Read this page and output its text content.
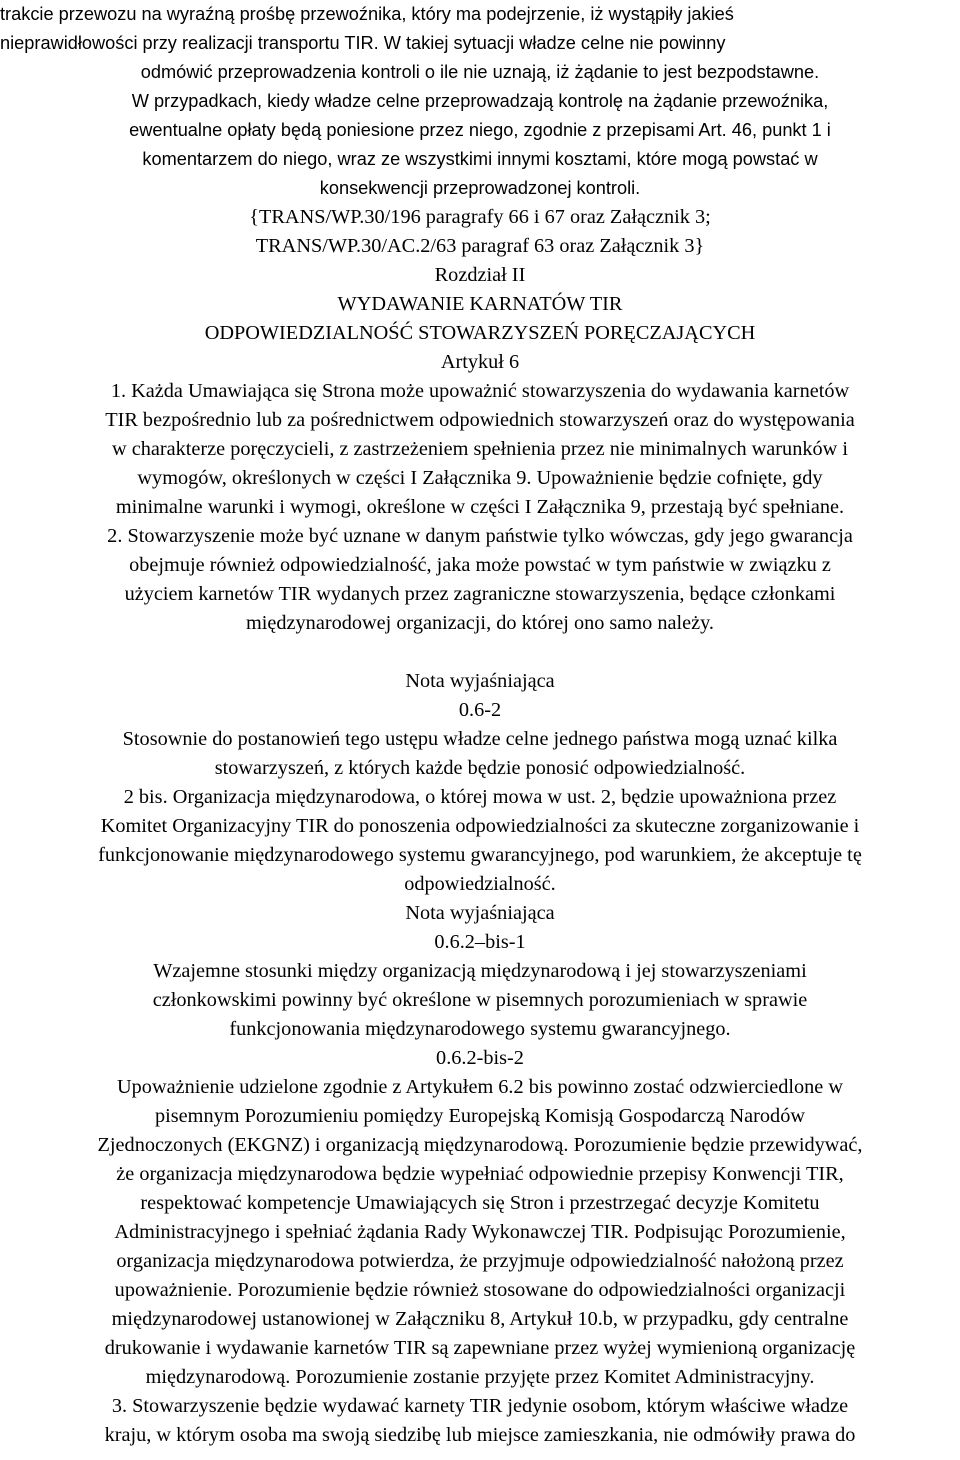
trakcie przewozu na wyraźną prośbę przewoźnika, który ma podejrzenie, iż wystąpiły jakieś
nieprawidłowości przy realizacji transportu TIR. W takiej sytuacji władze celne nie powinny
odmówić przeprowadzenia kontroli o ile nie uznają, iż żądanie to jest bezpodstawne.
W przypadkach, kiedy władze celne przeprowadzają kontrolę na żądanie przewoźnika,
ewentualne opłaty będą poniesione przez niego, zgodnie z przepisami Art. 46, punkt 1 i
komentarzem do niego, wraz ze wszystkimi innymi kosztami, które mogą powstać w
konsekwencji przeprowadzonej kontroli.
{TRANS/WP.30/196 paragrafy 66 i 67 oraz Załącznik 3;
TRANS/WP.30/AC.2/63 paragraf 63 oraz Załącznik 3}
Rozdział II
WYDAWANIE KARNATÓW TIR
ODPOWIEDZIALNOŚĆ STOWARZYSZEŃ PORĘCZAJĄCYCH
Artykuł 6
1. Każda Umawiająca się Strona może upoważnić stowarzyszenia do wydawania karnetów
TIR bezpośrednio lub za pośrednictwem odpowiednich stowarzyszeń oraz do występowania
w charakterze poręczycieli, z zastrzeżeniem spełnienia przez nie minimalnych warunków i
wymogów, określonych w części I Załącznika 9. Upoważnienie będzie cofnięte, gdy
minimalne warunki i wymogi, określone w części I Załącznika 9, przestają być spełniane.
2. Stowarzyszenie może być uznane w danym państwie tylko wówczas, gdy jego gwarancja
obejmuje również odpowiedzialność, jaka może powstać w tym państwie w związku z
użyciem karnetów TIR wydanych przez zagraniczne stowarzyszenia, będące członkami
międzynarodowej organizacji, do której ono samo należy.
Nota wyjaśniająca
0.6-2
Stosownie do postanowień tego ustępu władze celne jednego państwa mogą uznać kilka
stowarzyszeń, z których każde będzie ponosić odpowiedzialność.
2 bis. Organizacja międzynarodowa, o której mowa w ust. 2, będzie upoważniona przez
Komitet Organizacyjny TIR do ponoszenia odpowiedzialności za skuteczne zorganizowanie i
funkcjonowanie międzynarodowego systemu gwarancyjnego, pod warunkiem, że akceptuje tę
odpowiedzialność.
Nota wyjaśniająca
0.6.2–bis-1
Wzajemne stosunki między organizacją międzynarodową i jej stowarzyszeniami
członkowskimi powinny być określone w pisemnych porozumieniach w sprawie
funkcjonowania międzynarodowego systemu gwarancyjnego.
0.6.2-bis-2
Upoważnienie udzielone zgodnie z Artykułem 6.2 bis powinno zostać odzwierciedlone w
pisemnym Porozumieniu pomiędzy Europejską Komisją Gospodarczą Narodów
Zjednoczonych (EKGNZ) i organizacją międzynarodową. Porozumienie będzie przewidywać,
że organizacja międzynarodowa będzie wypełniać odpowiednie przepisy Konwencji TIR,
respektować kompetencje Umawiających się Stron i przestrzegać decyzje Komitetu
Administracyjnego i spełniać żądania Rady Wykonawczej TIR. Podpisując Porozumienie,
organizacja międzynarodowa potwierdza, że przyjmuje odpowiedzialność nałożoną przez
upoważnienie. Porozumienie będzie również stosowane do odpowiedzialności organizacji
międzynarodowej ustanowionej w Załączniku 8, Artykuł 10.b, w przypadku, gdy centralne
drukowanie i wydawanie karnetów TIR są zapewniane przez wyżej wymienioną organizację
międzynarodową. Porozumienie zostanie przyjęte przez Komitet Administracyjny.
3. Stowarzyszenie będzie wydawać karnety TIR jedynie osobom, którym właściwe władze
kraju, w którym osoba ma swoją siedzibę lub miejsce zamieszkania, nie odmówiły prawa do
